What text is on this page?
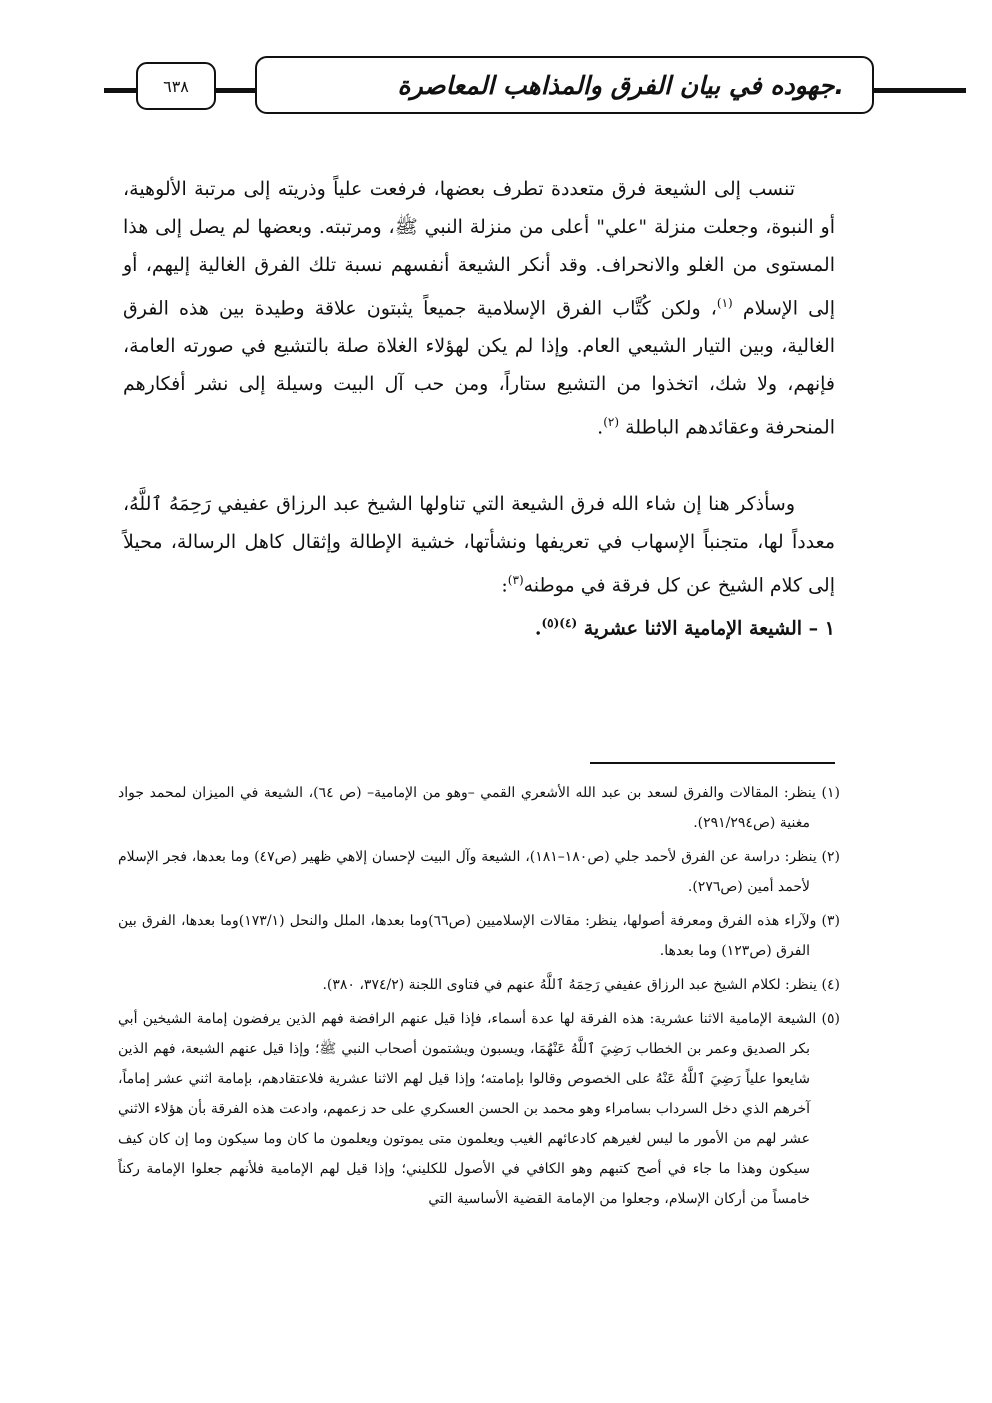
٦٣٨	جهوده في بيان الفرق والمذاهب المعاصرة.

تنسب إلى الشيعة فرق متعددة تطرف بعضها، فرفعت علياً وذريته إلى مرتبة الألوهية، أو النبوة، وجعلت منزلة "علي" أعلى من منزلة النبي ﷺ، ومرتبته. وبعضها لم يصل إلى هذا المستوى من الغلو والانحراف. وقد أنكر الشيعة أنفسهم نسبة تلك الفرق الغالية إليهم، أو إلى الإسلام $^{(١)}$، ولكن كُتَّاب الفرق الإسلامية جميعاً يثبتون علاقة وطيدة بين هذه الفرق الغالية، وبين التيار الشيعي العام. وإذا لم يكن لهؤلاء الغلاة صلة بالتشيع في صورته العامة، فإنهم، ولا شك، اتخذوا من التشيع ستاراً، ومن حب آل البيت وسيلة إلى نشر أفكارهم المنحرفة وعقائدهم الباطلة $^{(٢)}$.

وسأذكر هنا إن شاء الله فرق الشيعة التي تناولها الشيخ عبد الرزاق عفيفي رَحِمَهُ ٱللَّهُ، معدداً لها، متجنباً الإسهاب في تعريفها ونشأتها، خشية الإطالة وإثقال كاهل الرسالة، محيلاً إلى كلام الشيخ عن كل فرقة في موطنه$^{(٣)}$:

١ – الشيعة الإمامية الاثنا عشرية $^{(٤)(٥)}$.

(١) ينظر: المقالات والفرق لسعد بن عبد الله الأشعري القمي –وهو من الإمامية– (ص ٦٤)، الشيعة في الميزان لمحمد جواد مغنية (ص٢٩١/٢٩٤).

(٢) ينظر: دراسة عن الفرق لأحمد جلي (ص١٨٠–١٨١)، الشيعة وآل البيت لإحسان إلاهي ظهير (ص٤٧) وما بعدها، فجر الإسلام لأحمد أمين (ص٢٧٦).

(٣) ولآراء هذه الفرق ومعرفة أصولها، ينظر: مقالات الإسلاميين (ص٦٦)وما بعدها، الملل والنحل (١٧٣/١)وما بعدها، الفرق بين الفرق (ص١٢٣) وما بعدها.

(٤) ينظر: لكلام الشيخ عبد الرزاق عفيفي رَحِمَهُ ٱللَّهُ عنهم في فتاوى اللجنة (٣٧٤/٢، ٣٨٠).

(٥) الشيعة الإمامية الاثنا عشرية: هذه الفرقة لها عدة أسماء، فإذا قيل عنهم الرافضة فهم الذين يرفضون إمامة الشيخين أبي بكر الصديق وعمر بن الخطاب رَضِيَ ٱللَّهُ عَنْهُمَا، ويسبون ويشتمون أصحاب النبي ﷺ؛ وإذا قيل عنهم الشيعة، فهم الذين شايعوا علياً رَضِيَ ٱللَّهُ عَنْهُ على الخصوص وقالوا بإمامته؛ وإذا قيل لهم الاثنا عشرية فلاعتقادهم، بإمامة اثني عشر إماماً، آخرهم الذي دخل السرداب بسامراء وهو محمد بن الحسن العسكري على حد زعمهم، وادعت هذه الفرقة بأن هؤلاء الاثني عشر لهم من الأمور ما ليس لغيرهم كادعائهم الغيب ويعلمون متى يموتون ويعلمون ما كان وما سيكون وما إن كان كيف سيكون وهذا ما جاء في أصح كتبهم وهو الكافي في الأصول للكليني؛ وإذا قيل لهم الإمامية فلأنهم جعلوا الإمامة ركناً خامساً من أركان الإسلام، وجعلوا من الإمامة القضية الأساسية التي
